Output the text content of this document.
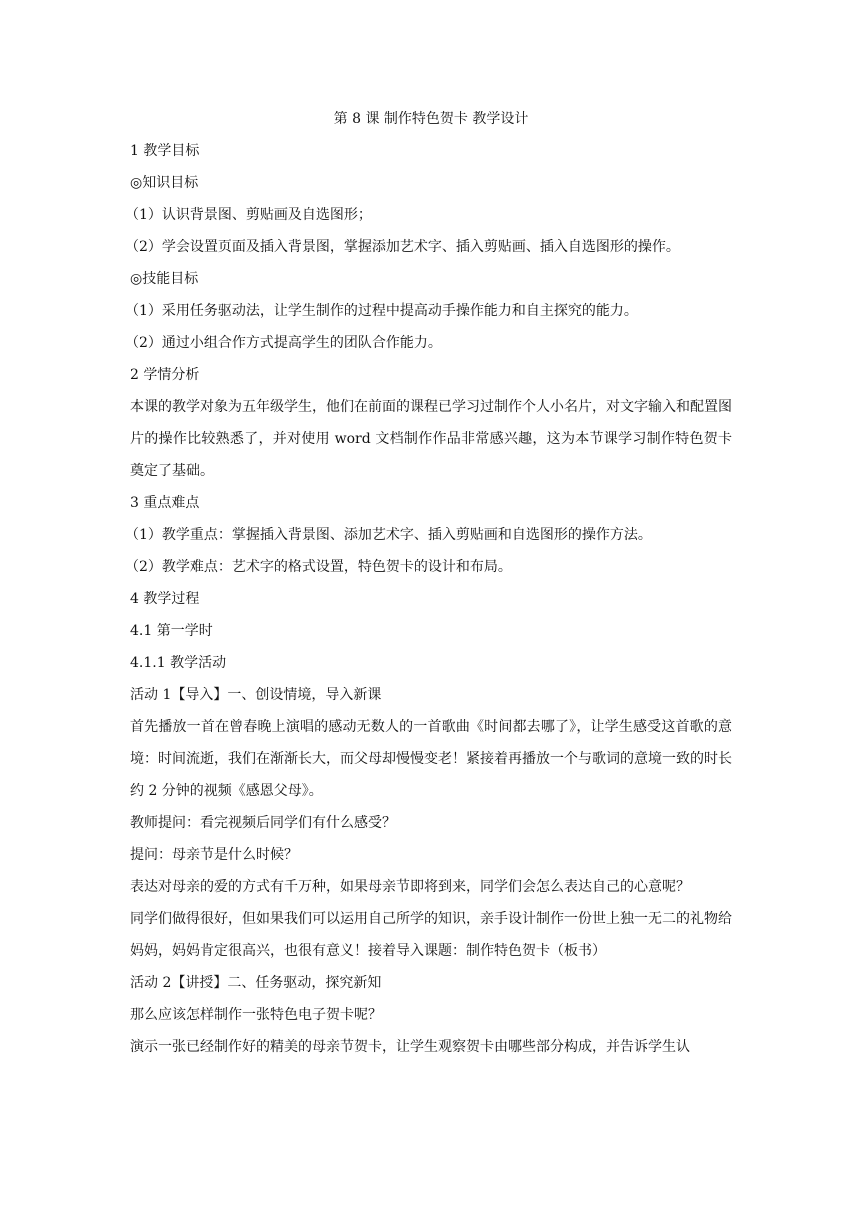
第 8 课 制作特色贺卡 教学设计
1 教学目标
◎知识目标
（1）认识背景图、剪贴画及自选图形；
（2）学会设置页面及插入背景图，掌握添加艺术字、插入剪贴画、插入自选图形的操作。
◎技能目标
（1）采用任务驱动法，让学生制作的过程中提高动手操作能力和自主探究的能力。
（2）通过小组合作方式提高学生的团队合作能力。
2 学情分析
本课的教学对象为五年级学生，他们在前面的课程已学习过制作个人小名片，对文字输入和配置图片的操作比较熟悉了，并对使用 word 文档制作作品非常感兴趣，这为本节课学习制作特色贺卡奠定了基础。
3 重点难点
（1）教学重点：掌握插入背景图、添加艺术字、插入剪贴画和自选图形的操作方法。
（2）教学难点：艺术字的格式设置，特色贺卡的设计和布局。
4 教学过程
4.1 第一学时
4.1.1 教学活动
活动 1【导入】一、创设情境，导入新课
首先播放一首在曾春晚上演唱的感动无数人的一首歌曲《时间都去哪了》，让学生感受这首歌的意境：时间流逝，我们在渐渐长大，而父母却慢慢变老！紧接着再播放一个与歌词的意境一致的时长约 2 分钟的视频《感恩父母》。
教师提问：看完视频后同学们有什么感受？
提问：母亲节是什么时候？
表达对母亲的爱的方式有千万种，如果母亲节即将到来，同学们会怎么表达自己的心意呢？
同学们做得很好，但如果我们可以运用自己所学的知识，亲手设计制作一份世上独一无二的礼物给妈妈，妈妈肯定很高兴，也很有意义！接着导入课题：制作特色贺卡（板书）
活动 2【讲授】二、任务驱动，探究新知
那么应该怎样制作一张特色电子贺卡呢？
演示一张已经制作好的精美的母亲节贺卡，让学生观察贺卡由哪些部分构成，并告诉学生认
